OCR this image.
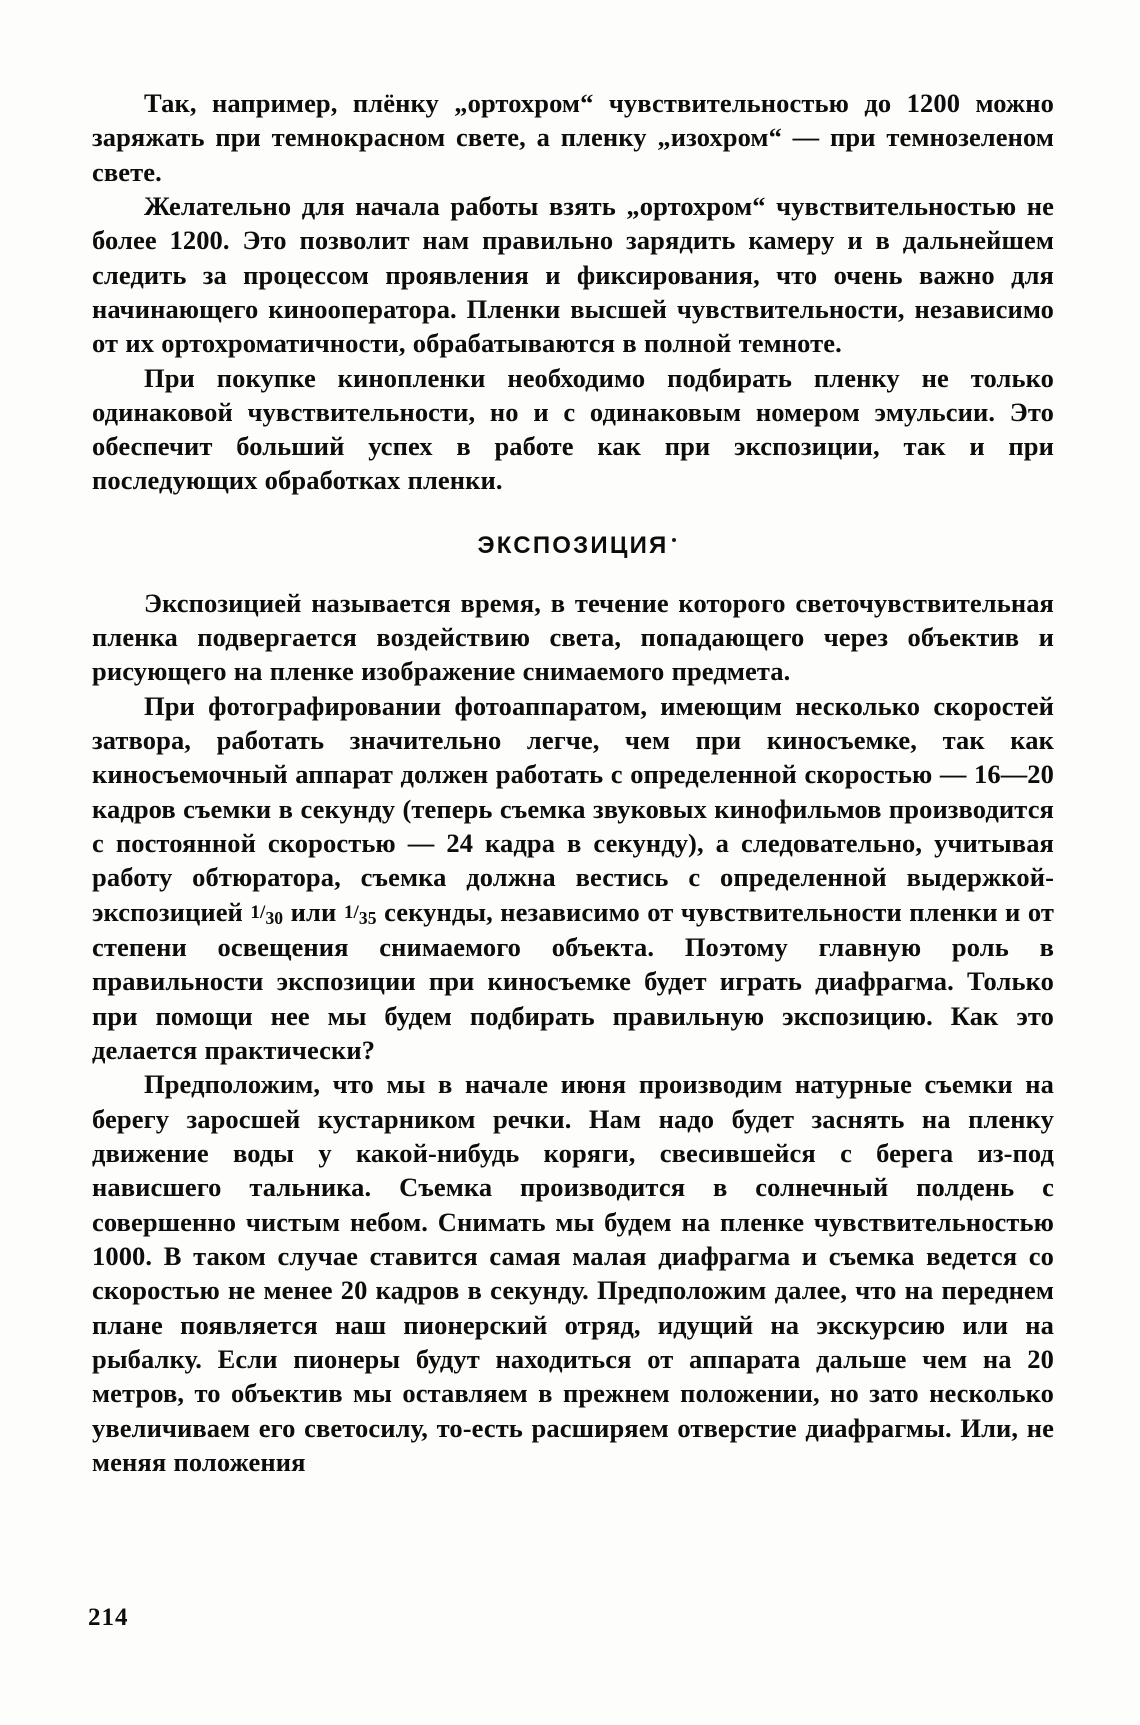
Так, например, плёнку „ортохром“ чувствительностью до 1200 можно заряжать при темнокрасном свете, а пленку „изохром“ — при темнозеленом свете.

Желательно для начала работы взять „ортохром“ чувствительностью не более 1200. Это позволит нам правильно зарядить камеру и в дальнейшем следить за процессом проявления и фиксирования, что очень важно для начинающего кинооператора. Пленки высшей чувствительности, независимо от их ортохроматичности, обрабатываются в полной темноте.

При покупке кинопленки необходимо подбирать пленку не только одинаковой чувствительности, но и с одинаковым номером эмульсии. Это обеспечит больший успех в работе как при экспозиции, так и при последующих обработках пленки.

ЭКСПОЗИЦИЯ

Экспозицией называется время, в течение которого светочувствительная пленка подвергается воздействию света, попадающего через объектив и рисующего на пленке изображение снимаемого предмета.

При фотографировании фотоаппаратом, имеющим несколько скоростей затвора, работать значительно легче, чем при киносъемке, так как киносъемочный аппарат должен работать с определенной скоростью — 16—20 кадров съемки в секунду (теперь съемка звуковых кинофильмов производится с постоянной скоростью — 24 кадра в секунду), а следовательно, учитывая работу обтюратора, съемка должна вестись с определенной выдержкой-экспозицией $1/_{30}$ или $1/_{35}$ секунды, независимо от чувствительности пленки и от степени освещения снимаемого объекта. Поэтому главную роль в правильности экспозиции при киносъемке будет играть диафрагма. Только при помощи нее мы будем подбирать правильную экспозицию. Как это делается практически?

Предположим, что мы в начале июня производим натурные съемки на берегу заросшей кустарником речки. Нам надо будет заснять на пленку движение воды у какой-нибудь коряги, свесившейся с берега из-под нависшего тальника. Съемка производится в солнечный полдень с совершенно чистым небом. Снимать мы будем на пленке чувствительностью 1000. В таком случае ставится самая малая диафрагма и съемка ведется со скоростью не менее 20 кадров в секунду. Предположим далее, что на переднем плане появляется наш пионерский отряд, идущий на экскурсию или на рыбалку. Если пионеры будут находиться от аппарата дальше чем на 20 метров, то объектив мы оставляем в прежнем положении, но зато несколько увеличиваем его светосилу, то-есть расширяем отверстие диафрагмы. Или, не меняя положения

214
